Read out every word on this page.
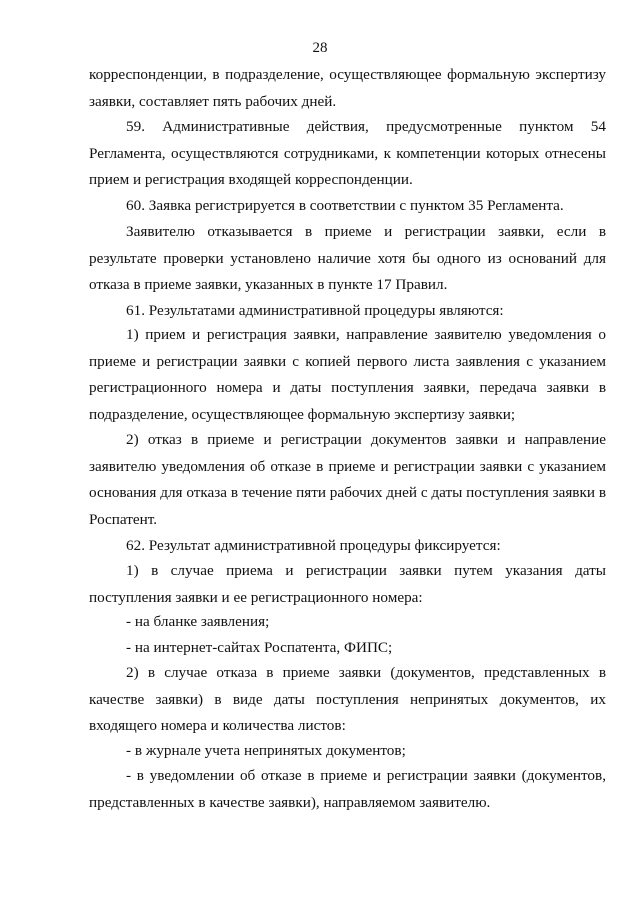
28

корреспонденции, в подразделение, осуществляющее формальную экспертизу заявки, составляет пять рабочих дней.

59. Административные действия, предусмотренные пунктом 54 Регламента, осуществляются сотрудниками, к компетенции которых отнесены прием и регистрация входящей корреспонденции.

60. Заявка регистрируется в соответствии с пунктом 35 Регламента.

Заявителю отказывается в приеме и регистрации заявки, если в результате проверки установлено наличие хотя бы одного из оснований для отказа в приеме заявки, указанных в пункте 17 Правил.

61. Результатами административной процедуры являются:

1) прием и регистрация заявки, направление заявителю уведомления о приеме и регистрации заявки с копией первого листа заявления с указанием регистрационного номера и даты поступления заявки, передача заявки в подразделение, осуществляющее формальную экспертизу заявки;

2) отказ в приеме и регистрации документов заявки и направление заявителю уведомления об отказе в приеме и регистрации заявки с указанием основания для отказа в течение пяти рабочих дней с даты поступления заявки в Роспатент.

62. Результат административной процедуры фиксируется:

1) в случае приема и регистрации заявки путем указания даты поступления заявки и ее регистрационного номера:

- на бланке заявления;

- на интернет-сайтах Роспатента, ФИПС;

2) в случае отказа в приеме заявки (документов, представленных в качестве заявки) в виде даты поступления непринятых документов, их входящего номера и количества листов:

- в журнале учета непринятых документов;

- в уведомлении об отказе в приеме и регистрации заявки (документов, представленных в качестве заявки), направляемом заявителю.
